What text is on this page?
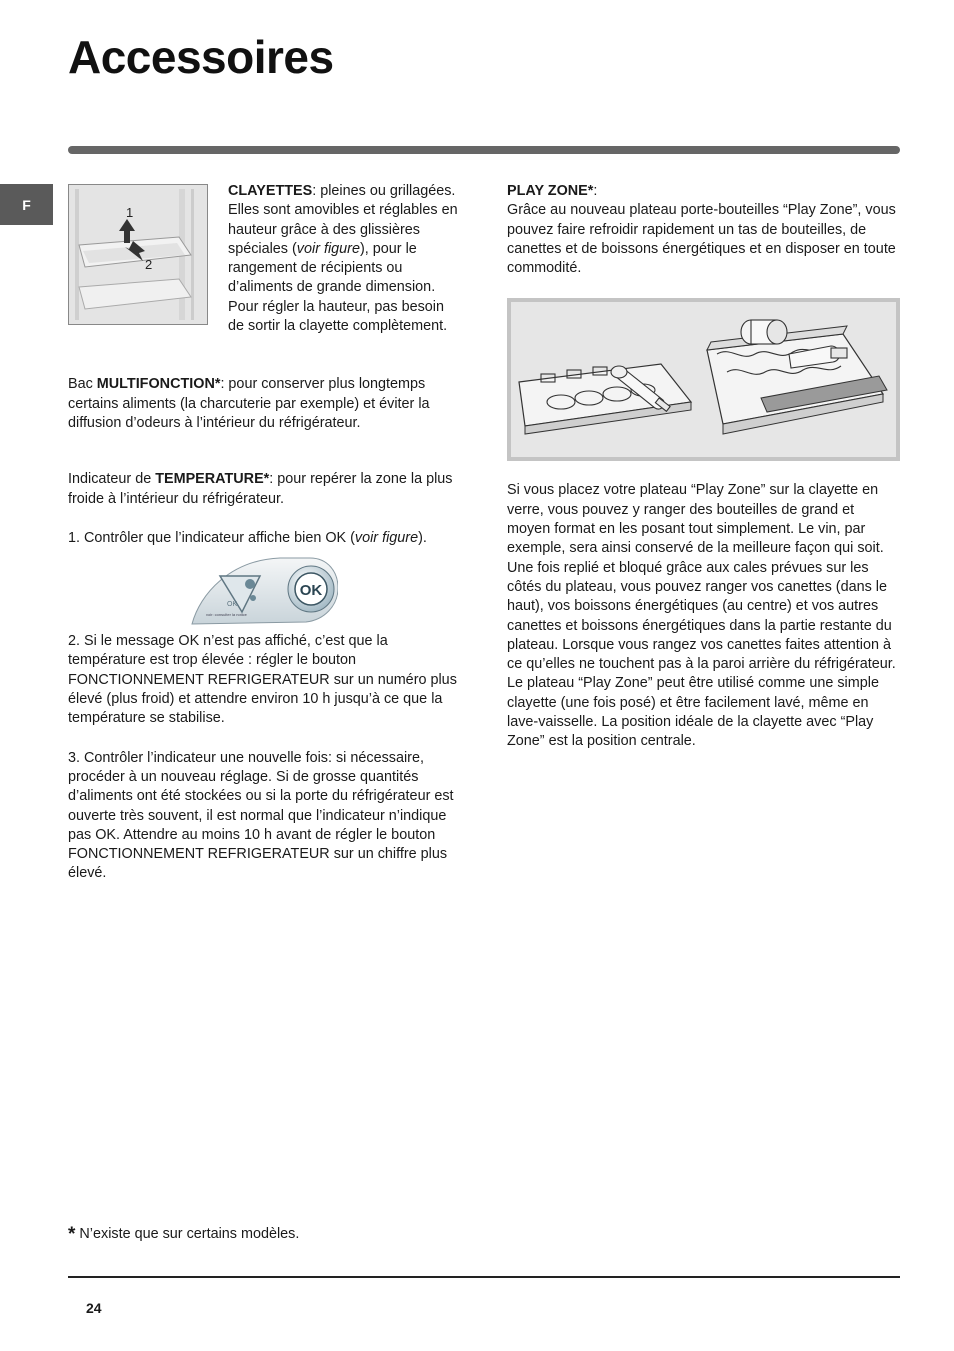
Accessoires
F	1
2

CLAYETTES: pleines ou grillagées.
Elles sont amovibles et réglables en hauteur grâce à des glissières spéciales (voir figure), pour le rangement de récipients ou d’aliments de grande dimension.
Pour régler la hauteur, pas besoin de sortir la clayette complètement.

Bac MULTIFONCTION*: pour conserver plus longtemps certains aliments (la charcuterie par exemple) et éviter la diffusion d’odeurs à l’intérieur du réfrigérateur.

Indicateur de TEMPERATURE*: pour repérer la zone la plus froide à l’intérieur du réfrigérateur.

1. Contrôler que l’indicateur affiche bien OK (voir figure).

OK
OK
voir: consulter la notice

2. Si le message OK n’est pas affiché, c’est que la température est trop élevée : régler le bouton FONCTIONNEMENT REFRIGERATEUR sur un numéro plus élevé (plus froid) et attendre environ 10 h jusqu’à ce que la température se stabilise.

3. Contrôler l’indicateur une nouvelle fois: si nécessaire, procéder à un nouveau réglage. Si de grosse quantités d’aliments ont été stockées ou si la porte du réfrigérateur est ouverte très souvent, il est normal que l’indicateur n’indique pas OK. Attendre au moins 10 h avant de régler le bouton FONCTIONNEMENT REFRIGERATEUR sur un chiffre plus élevé.

PLAY ZONE*:

Grâce au nouveau plateau porte-bouteilles “Play Zone”, vous pouvez faire refroidir rapidement un tas de bouteilles, de canettes et de boissons énergétiques et en disposer en toute commodité.

Si vous placez votre plateau “Play Zone” sur la clayette en verre, vous pouvez y ranger des bouteilles de grand et moyen format en les posant tout simplement. Le vin, par exemple, sera ainsi conservé de la meilleure façon qui soit. Une fois replié et bloqué grâce aux cales prévues sur les côtés du plateau, vous pouvez ranger vos canettes (dans le haut), vos boissons énergétiques (au centre) et vos autres canettes et boissons énergétiques dans la partie restante du plateau. Lorsque vous rangez vos canettes faites attention à ce qu’elles ne touchent pas à la paroi arrière du réfrigérateur.

Le plateau “Play Zone” peut être utilisé comme une simple clayette (une fois posé) et être facilement lavé, même en lave-vaisselle. La position idéale de la clayette avec “Play Zone” est la position centrale.

* N’existe que sur certains modèles.
24
